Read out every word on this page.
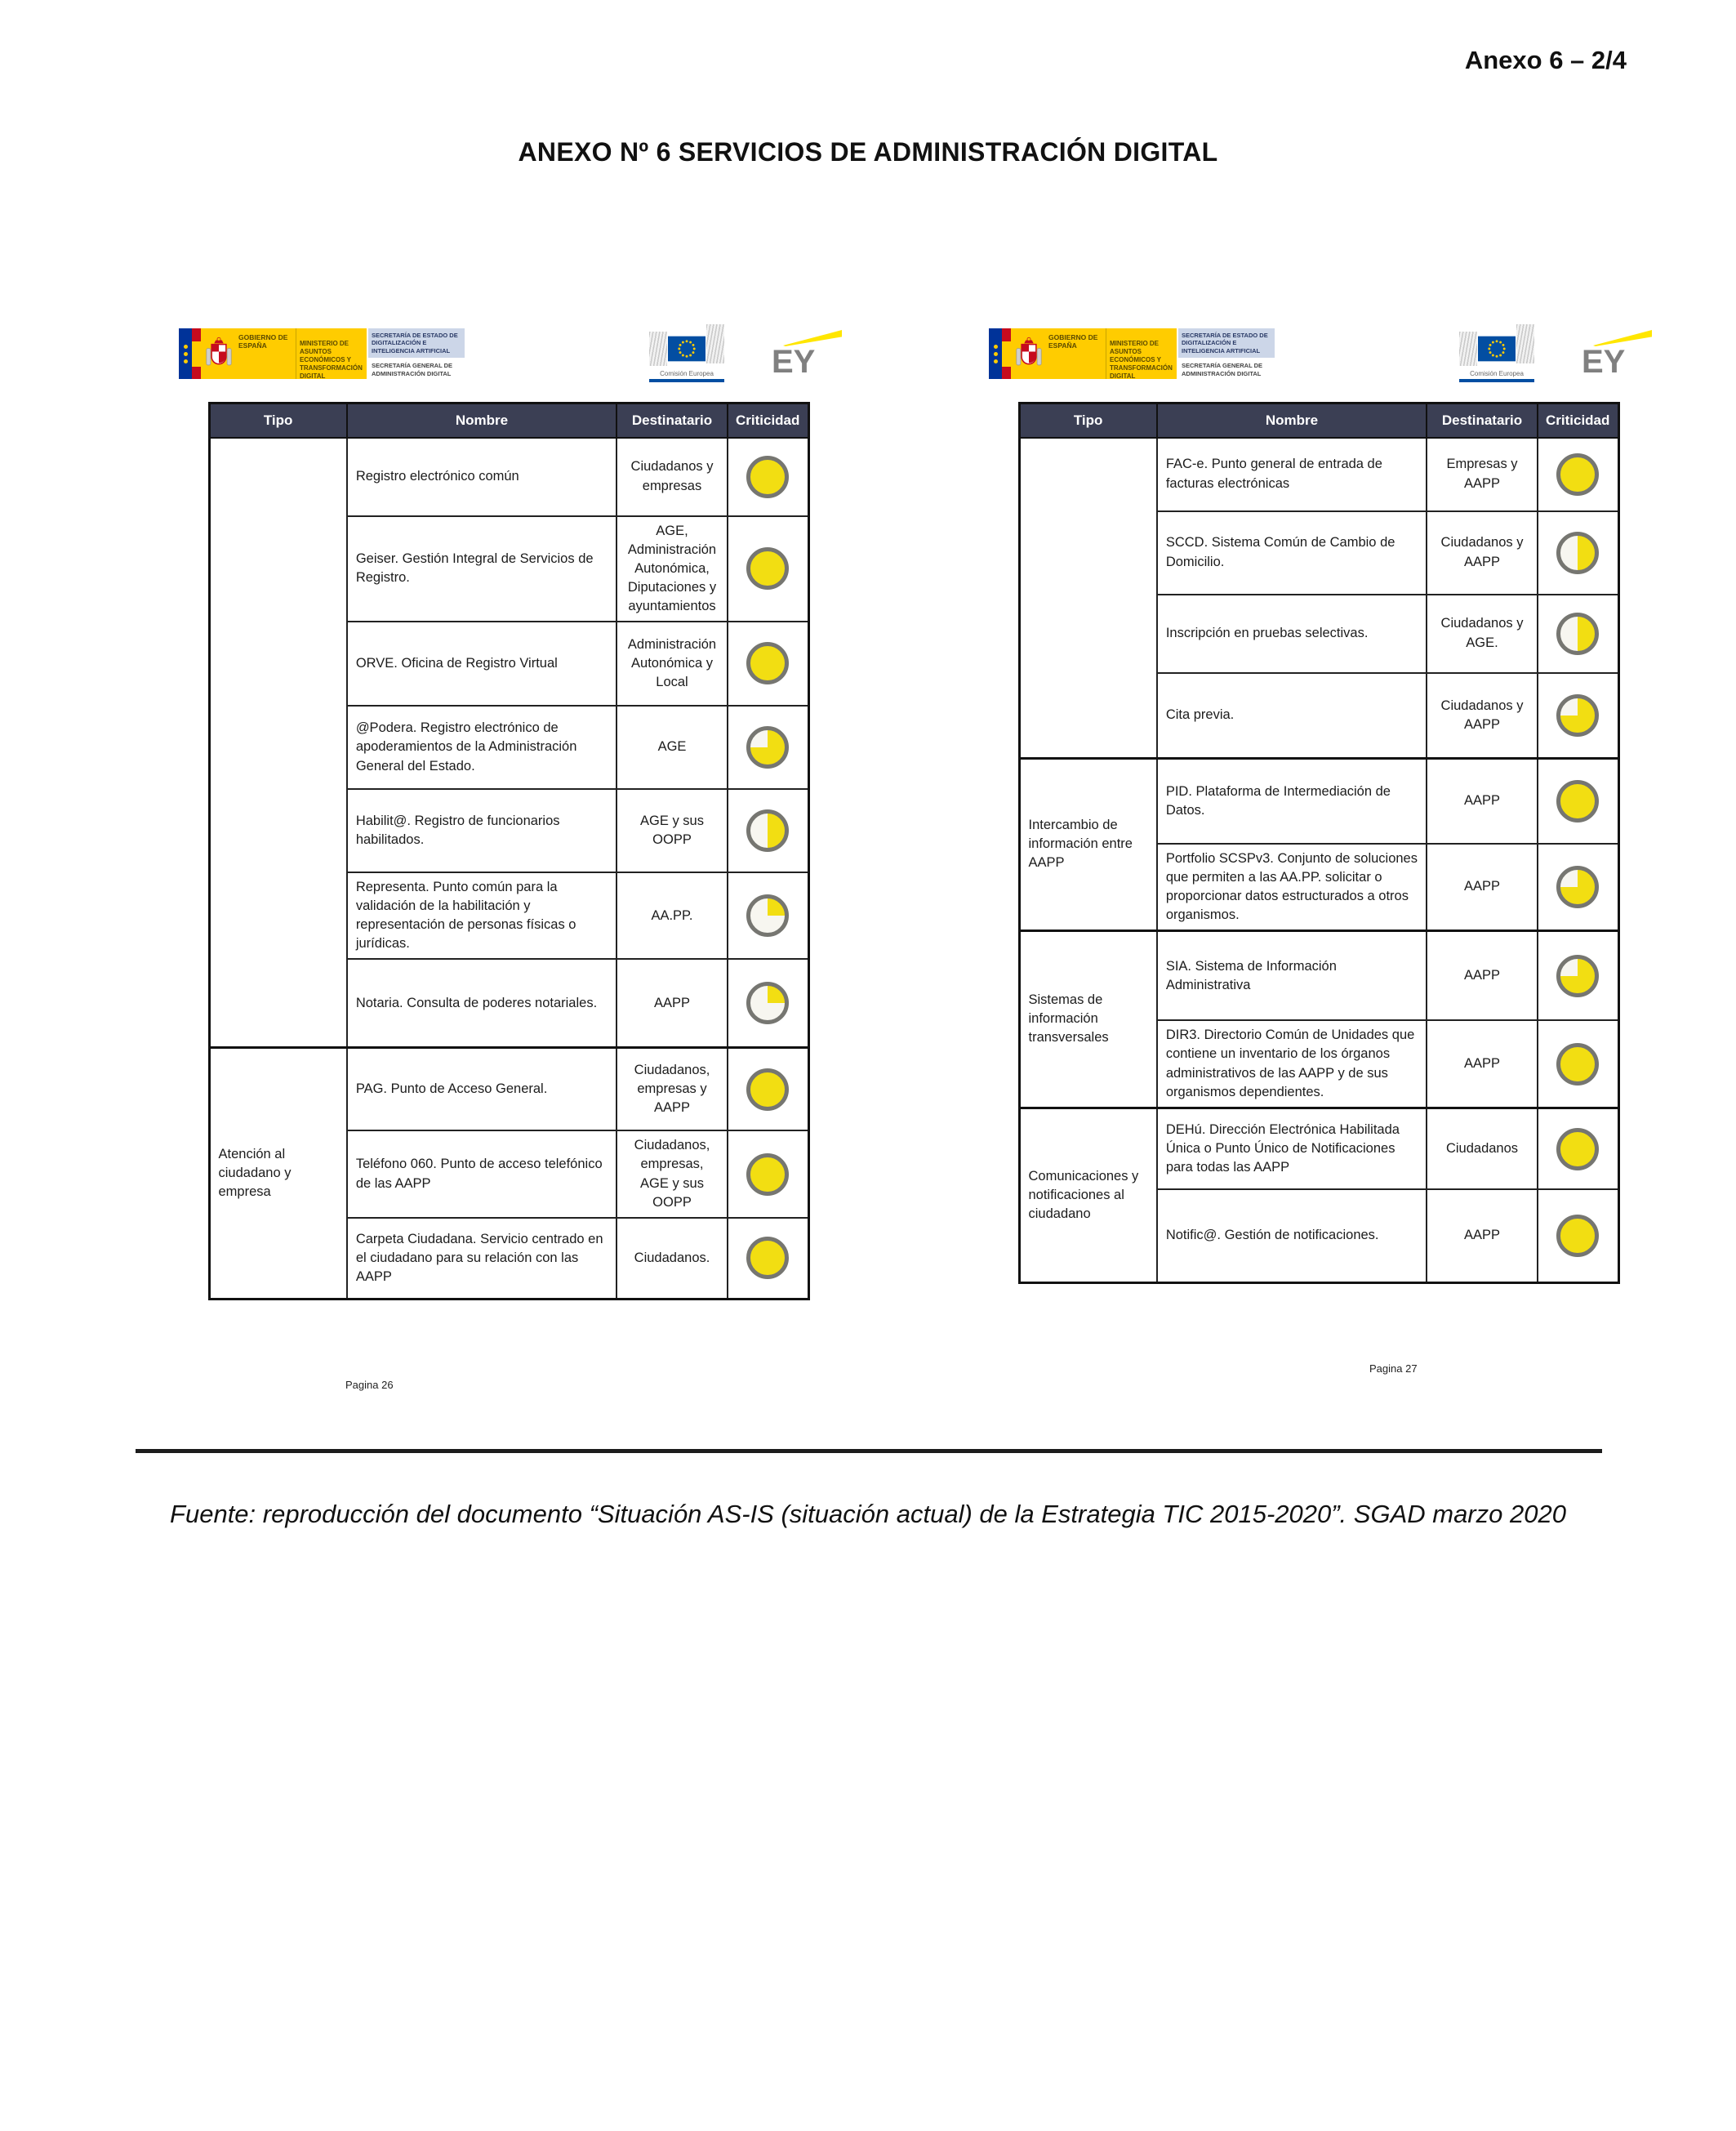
Anexo 6 – 2/4
ANEXO Nº 6 SERVICIOS DE ADMINISTRACIÓN DIGITAL
GOBIERNO DE ESPAÑA	MINISTERIO DE ASUNTOS ECONÓMICOS Y TRANSFORMACIÓN DIGITAL
SECRETARÍA DE ESTADO DE DIGITALIZACIÓN E INTELIGENCIA ARTIFICIAL
SECRETARÍA GENERAL DE ADMINISTRACIÓN DIGITAL	Comisión Europea	EY
Tipo	Nombre	Destinatario	Criticidad
	Registro electrónico común	Ciudadanos y empresas	
	Geiser. Gestión Integral de Servicios de Registro.	AGE, Administración Autonómica, Diputaciones y ayuntamientos	
	ORVE. Oficina de Registro Virtual	Administración Autonómica y Local	
	@Podera. Registro electrónico de apoderamientos de la Administración General del Estado.	AGE	
	Habilit@. Registro de funcionarios habilitados.	AGE y sus OOPP	
	Representa. Punto común para la validación de la habilitación y representación de personas físicas o jurídicas.	AA.PP.	
	Notaria. Consulta de poderes notariales.	AAPP	
Atención al ciudadano y empresa	PAG. Punto de Acceso General.	Ciudadanos, empresas y AAPP	
	Teléfono 060. Punto de acceso telefónico de las AAPP	Ciudadanos, empresas, AGE y sus OOPP	
	Carpeta Ciudadana. Servicio centrado en el ciudadano para su relación con las AAPP	Ciudadanos.	
Pagina 26
GOBIERNO DE ESPAÑA	MINISTERIO DE ASUNTOS ECONÓMICOS Y TRANSFORMACIÓN DIGITAL
SECRETARÍA DE ESTADO DE DIGITALIZACIÓN E INTELIGENCIA ARTIFICIAL
SECRETARÍA GENERAL DE ADMINISTRACIÓN DIGITAL	Comisión Europea	EY
Tipo	Nombre	Destinatario	Criticidad
	FAC-e. Punto general de entrada de facturas electrónicas	Empresas y AAPP	
	SCCD. Sistema Común de Cambio de Domicilio.	Ciudadanos y AAPP	
	Inscripción en pruebas selectivas.	Ciudadanos y AGE.	
	Cita previa.	Ciudadanos y AAPP	
Intercambio de información entre AAPP	PID. Plataforma de Intermediación de Datos.	AAPP	
	Portfolio SCSPv3. Conjunto de soluciones que permiten a las AA.PP. solicitar o proporcionar datos estructurados a otros organismos.	AAPP	
Sistemas de información transversales	SIA. Sistema de Información Administrativa	AAPP	
	DIR3. Directorio Común de Unidades que contiene un inventario de los órganos administrativos de las AAPP y de sus organismos dependientes.	AAPP	
Comunicaciones y notificaciones al ciudadano	DEHú. Dirección Electrónica Habilitada Única o Punto Único de Notificaciones para todas las AAPP	Ciudadanos	
	Notific@. Gestión de notificaciones.	AAPP	
Pagina 27
Fuente: reproducción del documento “Situación AS-IS (situación actual) de la Estrategia TIC 2015-2020”. SGAD marzo 2020
